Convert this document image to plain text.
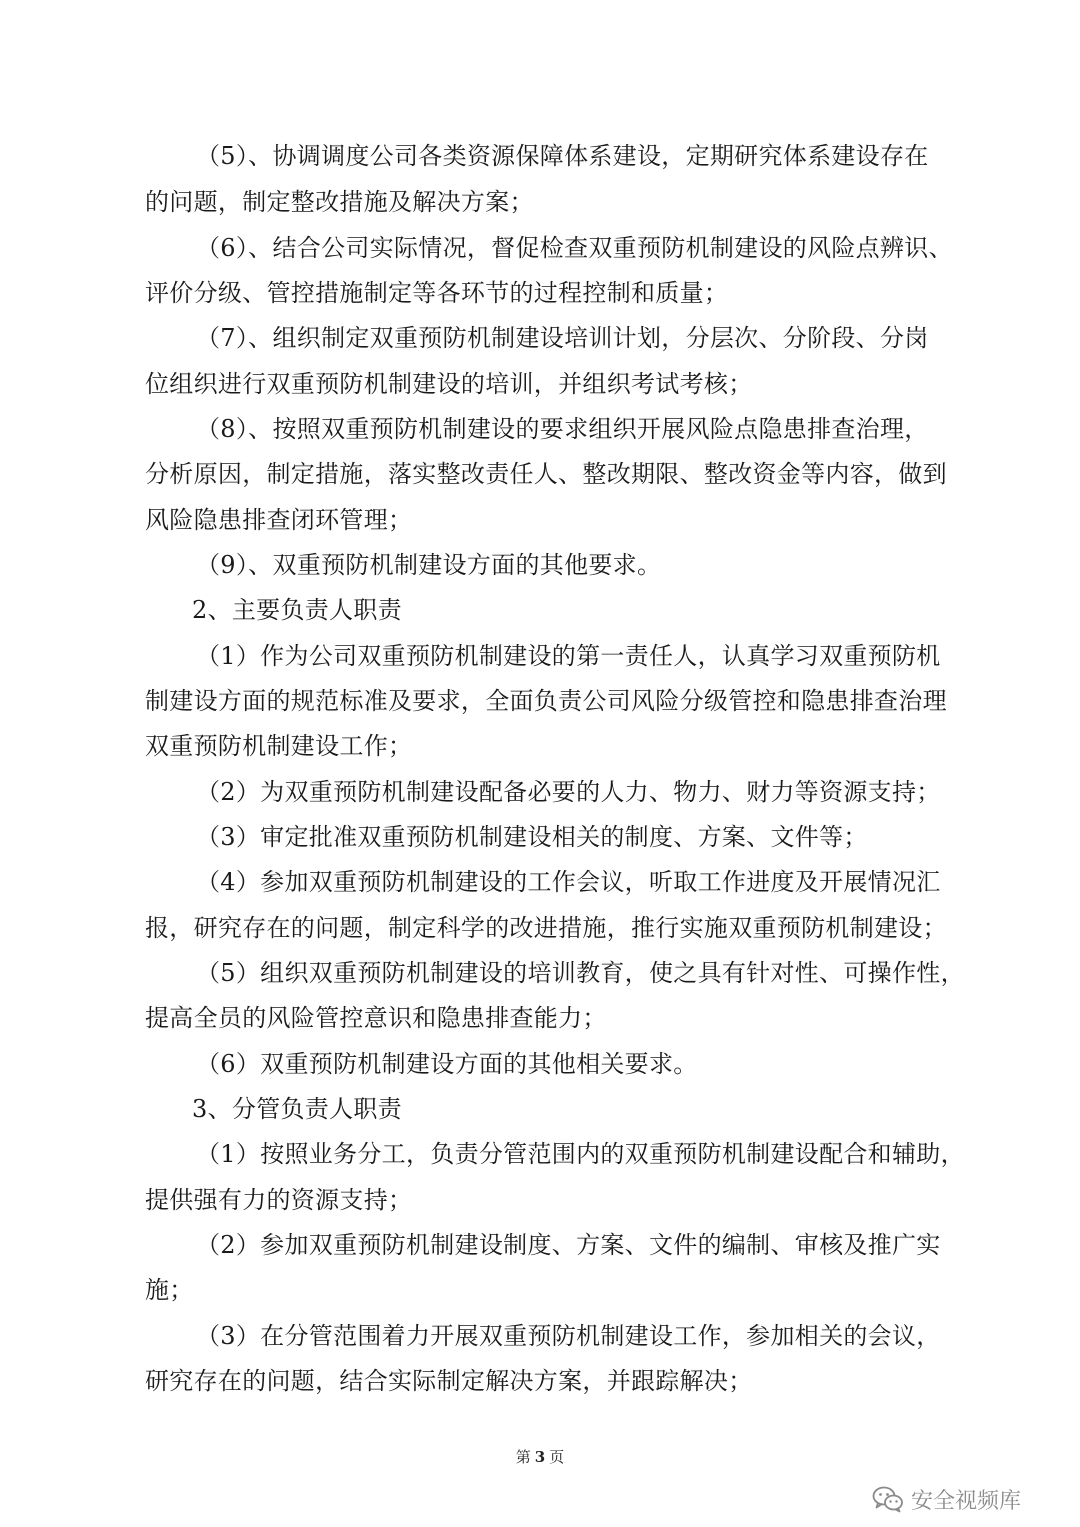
（5）、协调调度公司各类资源保障体系建设，定期研究体系建设存在
的问题，制定整改措施及解决方案；
（6）、结合公司实际情况，督促检查双重预防机制建设的风险点辨识、
评价分级、管控措施制定等各环节的过程控制和质量；
（7）、组织制定双重预防机制建设培训计划，分层次、分阶段、分岗
位组织进行双重预防机制建设的培训，并组织考试考核；
（8）、按照双重预防机制建设的要求组织开展风险点隐患排查治理，
分析原因，制定措施，落实整改责任人、整改期限、整改资金等内容，做到
风险隐患排查闭环管理；
（9）、双重预防机制建设方面的其他要求。
2、主要负责人职责
（1）作为公司双重预防机制建设的第一责任人，认真学习双重预防机
制建设方面的规范标准及要求，全面负责公司风险分级管控和隐患排查治理
双重预防机制建设工作；
（2）为双重预防机制建设配备必要的人力、物力、财力等资源支持；
（3）审定批准双重预防机制建设相关的制度、方案、文件等；
（4）参加双重预防机制建设的工作会议，听取工作进度及开展情况汇
报，研究存在的问题，制定科学的改进措施，推行实施双重预防机制建设；
（5）组织双重预防机制建设的培训教育，使之具有针对性、可操作性，
提高全员的风险管控意识和隐患排查能力；
（6）双重预防机制建设方面的其他相关要求。
3、分管负责人职责
（1）按照业务分工，负责分管范围内的双重预防机制建设配合和辅助，
提供强有力的资源支持；
（2）参加双重预防机制建设制度、方案、文件的编制、审核及推广实
施；
（3）在分管范围着力开展双重预防机制建设工作，参加相关的会议，
研究存在的问题，结合实际制定解决方案，并跟踪解决；
第 3 页
安全视频库
